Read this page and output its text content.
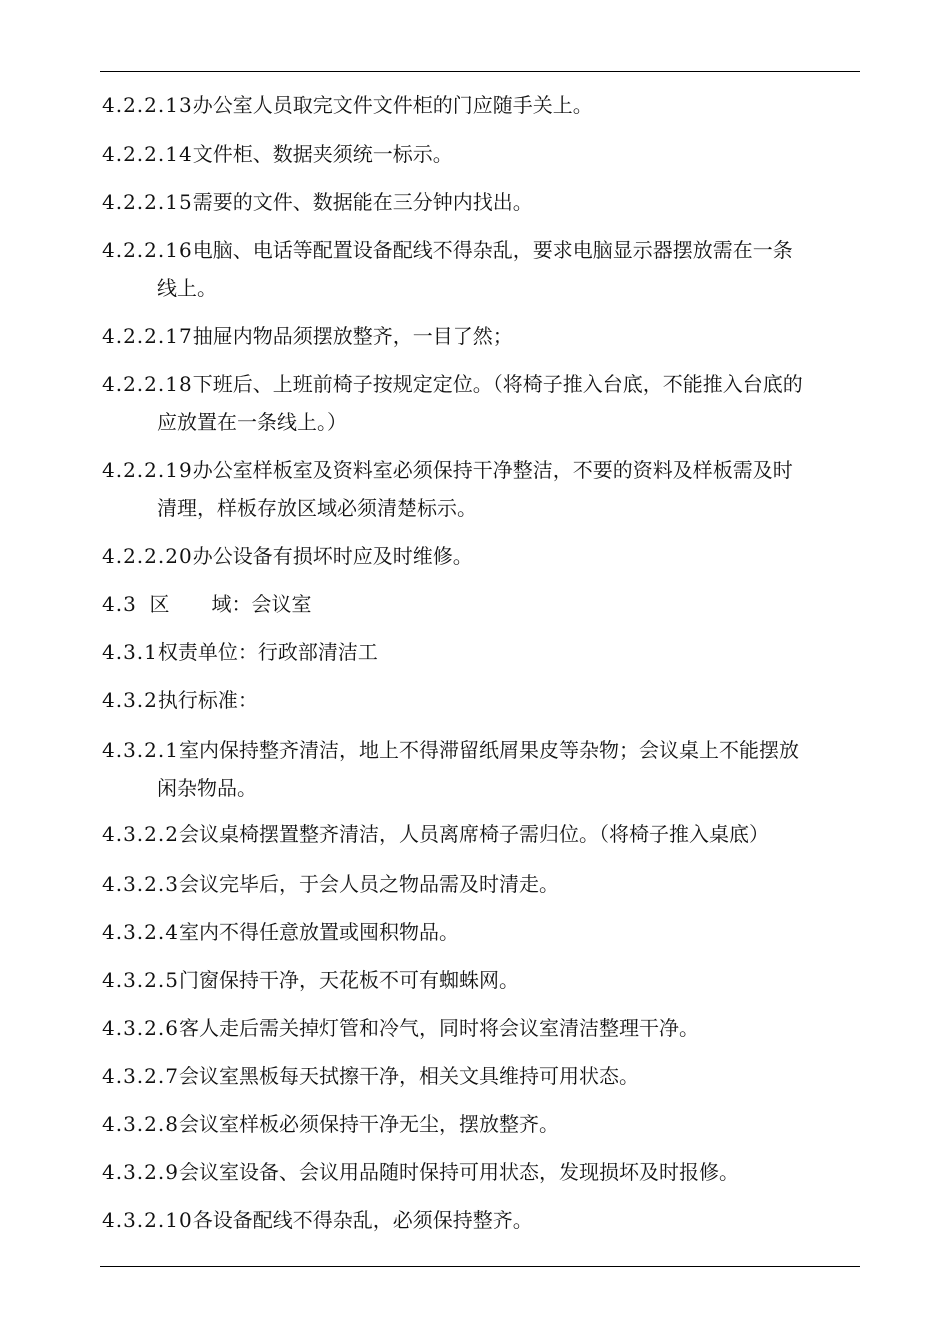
4.2.2.13办公室人员取完文件文件柜的门应随手关上。
4.2.2.14文件柜、数据夹须统一标示。
4.2.2.15需要的文件、数据能在三分钟内找出。
4.2.2.16电脑、电话等配置设备配线不得杂乱，要求电脑显示器摆放需在一条
线上。
4.2.2.17抽屉内物品须摆放整齐，一目了然；
4.2.2.18下班后、上班前椅子按规定定位。（将椅子推入台底，不能推入台底的
应放置在一条线上。）
4.2.2.19办公室样板室及资料室必须保持干净整洁，不要的资料及样板需及时
清理，样板存放区域必须清楚标示。
4.2.2.20办公设备有损坏时应及时维修。
4.3 区 域：会议室
4.3.1权责单位：行政部清洁工
4.3.2执行标准：
4.3.2.1室内保持整齐清洁，地上不得滞留纸屑果皮等杂物；会议桌上不能摆放
闲杂物品。
4.3.2.2会议桌椅摆置整齐清洁，人员离席椅子需归位。（将椅子推入桌底）
4.3.2.3会议完毕后，于会人员之物品需及时清走。
4.3.2.4室内不得任意放置或囤积物品。
4.3.2.5门窗保持干净，天花板不可有蜘蛛网。
4.3.2.6客人走后需关掉灯管和冷气，同时将会议室清洁整理干净。
4.3.2.7会议室黑板每天拭擦干净，相关文具维持可用状态。
4.3.2.8会议室样板必须保持干净无尘，摆放整齐。
4.3.2.9会议室设备、会议用品随时保持可用状态，发现损坏及时报修。
4.3.2.10各设备配线不得杂乱，必须保持整齐。
